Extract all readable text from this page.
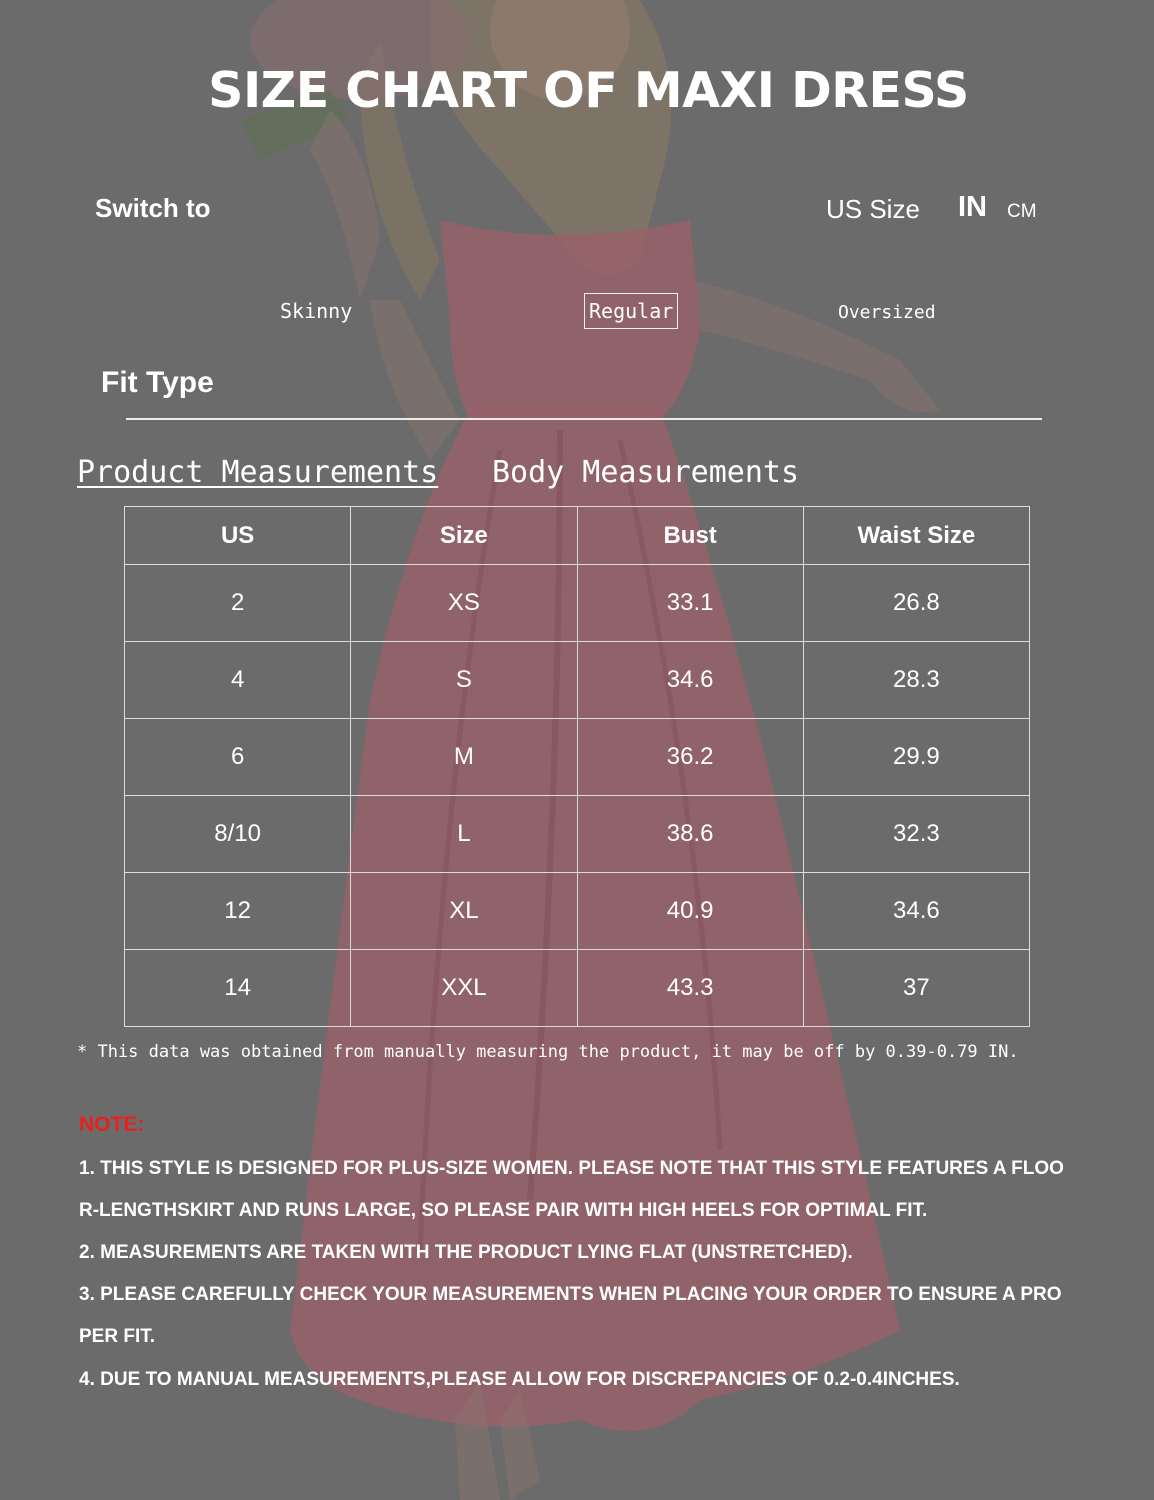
SIZE CHART OF MAXI DRESS
Switch to	US Size IN CM
Skinny	Regular	Oversized
Fit Type
Product Measurements Body Measurements
US	Size	Bust	Waist Size
2	XS	33.1	26.8
4	S	34.6	28.3
6	M	36.2	29.9
8/10	L	38.6	32.3
12	XL	40.9	34.6
14	XXL	43.3	37
* This data was obtained from manually measuring the product, it may be off by 0.39-0.79 IN.
NOTE:
1. THIS STYLE IS DESIGNED FOR PLUS-SIZE WOMEN. PLEASE NOTE THAT THIS STYLE FEATURES A FLOO
R-LENGTHSKIRT AND RUNS LARGE, SO PLEASE PAIR WITH HIGH HEELS FOR OPTIMAL FIT.
2. MEASUREMENTS ARE TAKEN WITH THE PRODUCT LYING FLAT (UNSTRETCHED).
3. PLEASE CAREFULLY CHECK YOUR MEASUREMENTS WHEN PLACING YOUR ORDER TO ENSURE A PRO
PER FIT.
4. DUE TO MANUAL MEASUREMENTS,PLEASE ALLOW FOR DISCREPANCIES OF 0.2-0.4INCHES.
